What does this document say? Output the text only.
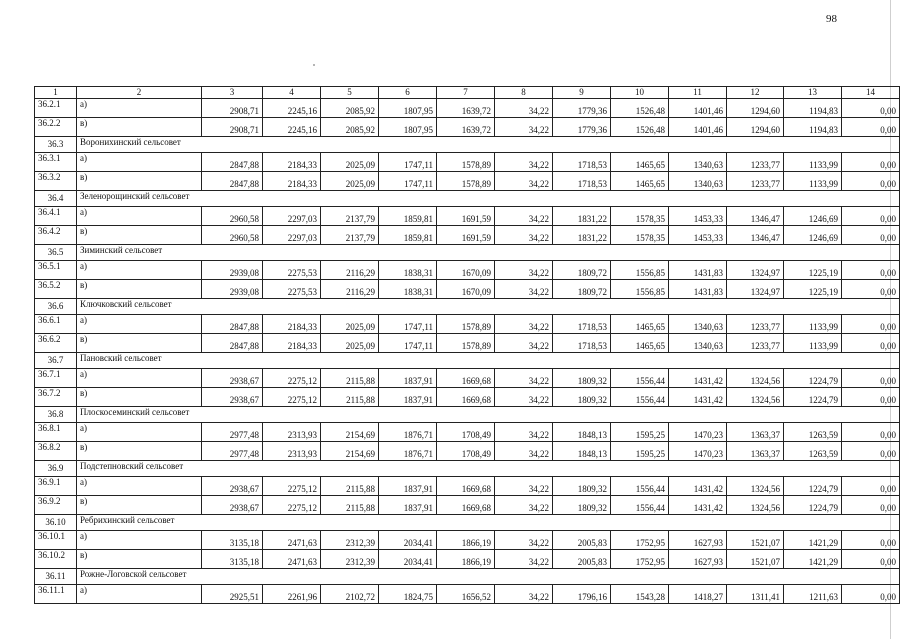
98
1	2	3	4	5	6	7	8	9	10	11	12	13	14
36.2.1	а)	2908,71	2245,16	2085,92	1807,95	1639,72	34,22	1779,36	1526,48	1401,46	1294,60	1194,83	0,00
36.2.2	в)	2908,71	2245,16	2085,92	1807,95	1639,72	34,22	1779,36	1526,48	1401,46	1294,60	1194,83	0,00
36.3	Воронихинский сельсовет												
36.3.1	а)	2847,88	2184,33	2025,09	1747,11	1578,89	34,22	1718,53	1465,65	1340,63	1233,77	1133,99	0,00
36.3.2	в)	2847,88	2184,33	2025,09	1747,11	1578,89	34,22	1718,53	1465,65	1340,63	1233,77	1133,99	0,00
36.4	Зеленорощинский сельсовет												
36.4.1	а)	2960,58	2297,03	2137,79	1859,81	1691,59	34,22	1831,22	1578,35	1453,33	1346,47	1246,69	0,00
36.4.2	в)	2960,58	2297,03	2137,79	1859,81	1691,59	34,22	1831,22	1578,35	1453,33	1346,47	1246,69	0,00
36.5	Зиминский сельсовет												
36.5.1	а)	2939,08	2275,53	2116,29	1838,31	1670,09	34,22	1809,72	1556,85	1431,83	1324,97	1225,19	0,00
36.5.2	в)	2939,08	2275,53	2116,29	1838,31	1670,09	34,22	1809,72	1556,85	1431,83	1324,97	1225,19	0,00
36.6	Ключковский сельсовет												
36.6.1	а)	2847,88	2184,33	2025,09	1747,11	1578,89	34,22	1718,53	1465,65	1340,63	1233,77	1133,99	0,00
36.6.2	в)	2847,88	2184,33	2025,09	1747,11	1578,89	34,22	1718,53	1465,65	1340,63	1233,77	1133,99	0,00
36.7	Пановский сельсовет												
36.7.1	а)	2938,67	2275,12	2115,88	1837,91	1669,68	34,22	1809,32	1556,44	1431,42	1324,56	1224,79	0,00
36.7.2	в)	2938,67	2275,12	2115,88	1837,91	1669,68	34,22	1809,32	1556,44	1431,42	1324,56	1224,79	0,00
36.8	Плоскосеминский сельсовет												
36.8.1	а)	2977,48	2313,93	2154,69	1876,71	1708,49	34,22	1848,13	1595,25	1470,23	1363,37	1263,59	0,00
36.8.2	в)	2977,48	2313,93	2154,69	1876,71	1708,49	34,22	1848,13	1595,25	1470,23	1363,37	1263,59	0,00
36.9	Подстепновский сельсовет												
36.9.1	а)	2938,67	2275,12	2115,88	1837,91	1669,68	34,22	1809,32	1556,44	1431,42	1324,56	1224,79	0,00
36.9.2	в)	2938,67	2275,12	2115,88	1837,91	1669,68	34,22	1809,32	1556,44	1431,42	1324,56	1224,79	0,00
36.10	Ребрихинский сельсовет												
36.10.1	а)	3135,18	2471,63	2312,39	2034,41	1866,19	34,22	2005,83	1752,95	1627,93	1521,07	1421,29	0,00
36.10.2	в)	3135,18	2471,63	2312,39	2034,41	1866,19	34,22	2005,83	1752,95	1627,93	1521,07	1421,29	0,00
36.11	Рожне-Логовской сельсовет												
36.11.1	а)	2925,51	2261,96	2102,72	1824,75	1656,52	34,22	1796,16	1543,28	1418,27	1311,41	1211,63	0,00
